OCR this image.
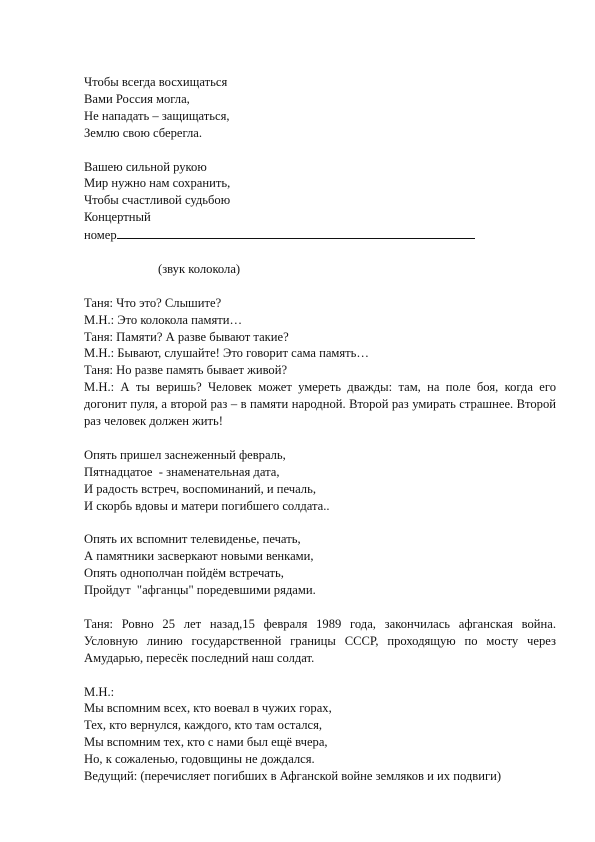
Чтобы всегда восхищаться
Вами Россия могла,
Не нападать – защищаться,
Землю свою сберегла.
Вашею сильной рукою
Мир нужно нам сохранить,
Чтобы счастливой судьбою
Концертный
номер
(звук колокола)
Таня: Что это? Слышите?
М.Н.: Это колокола памяти…
Таня: Памяти? А разве бывают такие?
М.Н.: Бывают, слушайте! Это говорит сама память…
Таня: Но разве память бывает живой?
М.Н.: А ты веришь? Человек может умереть дважды: там, на поле боя, когда его догонит пуля, а второй раз – в памяти народной. Второй раз умирать страшнее. Второй раз человек должен жить!
Опять пришел заснеженный февраль,
Пятнадцатое  - знаменательная дата,
И радость встреч, воспоминаний, и печаль,
И скорбь вдовы и матери погибшего солдата..
Опять их вспомнит телевиденье, печать,
А памятники засверкают новыми венками,
Опять однополчан пойдём встречать,
Пройдут  "афганцы" поредевшими рядами.
Таня: Ровно 25 лет назад,15 февраля 1989 года, закончилась афганская война. Условную линию государственной границы СССР, проходящую по мосту через Амударью, пересёк последний наш солдат.
М.Н.:
Мы вспомним всех, кто воевал в чужих горах,
Тех, кто вернулся, каждого, кто там остался,
Мы вспомним тех, кто с нами был ещё вчера,
Но, к сожаленью, годовщины не дождался.
Ведущий: (перечисляет погибших в Афганской войне земляков и их подвиги)
